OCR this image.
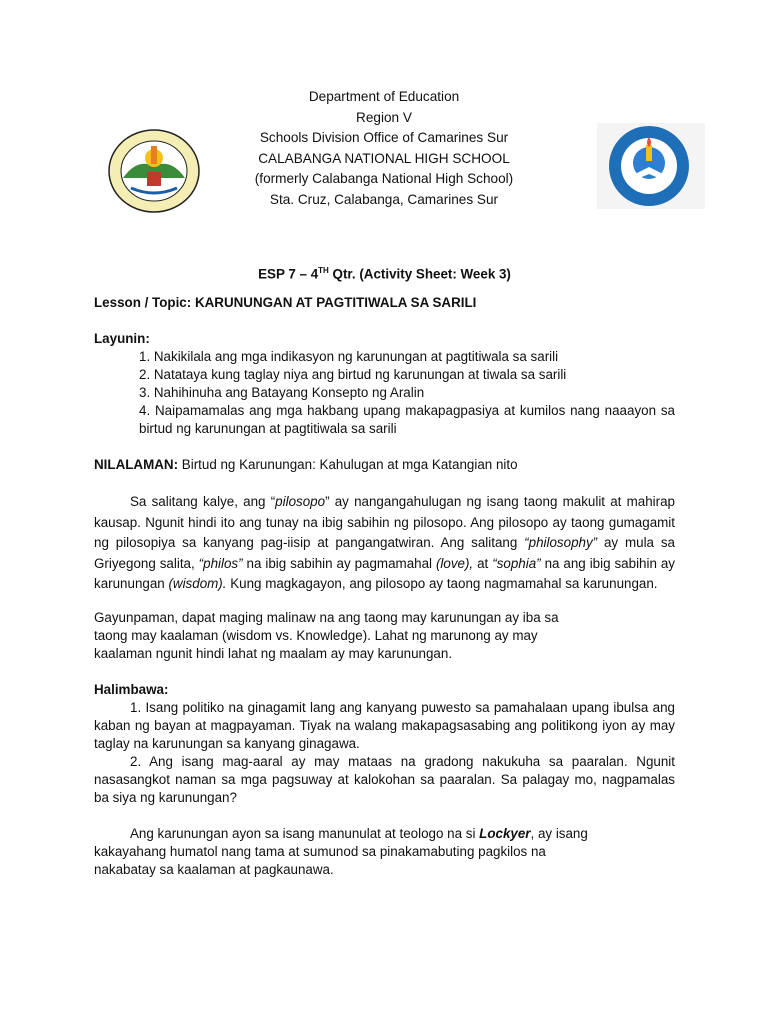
Department of Education
Region V
Schools Division Office of Camarines Sur
CALABANGA NATIONAL HIGH SCHOOL
(formerly Calabanga National High School)
Sta. Cruz, Calabanga, Camarines Sur

ESP 7 – 4TH Qtr. (Activity Sheet: Week 3)

Lesson / Topic: KARUNUNGAN AT PAGTITIWALA SA SARILI

Layunin:

1. Nakikilala ang mga indikasyon ng karunungan at pagtitiwala sa sarili

2. Natataya kung taglay niya ang birtud ng karunungan at tiwala sa sarili

3. Nahihinuha ang Batayang Konsepto ng Aralin

4. Naipamamalas ang mga hakbang upang makapagpasiya at kumilos nang naaayon sa birtud ng karunungan at pagtitiwala sa sarili

NILALAMAN: Birtud ng Karunungan: Kahulugan at mga Katangian nito

Sa salitang kalye, ang “pilosopo” ay nangangahulugan ng isang taong makulit at mahirap kausap. Ngunit hindi ito ang tunay na ibig sabihin ng pilosopo. Ang pilosopo ay taong gumagamit ng pilosopiya sa kanyang pag-iisip at pangangatwiran. Ang salitang “philosophy” ay mula sa Griyegong salita, “philos” na ibig sabihin ay pagmamahal (love), at “sophia” na ang ibig sabihin ay karunungan (wisdom). Kung magkagayon, ang pilosopo ay taong nagmamahal sa karunungan.

Gayunpaman, dapat maging malinaw na ang taong may karunungan ay iba sa

taong may kaalaman (wisdom vs. Knowledge). Lahat ng marunong ay may

kaalaman ngunit hindi lahat ng maalam ay may karunungan.

Halimbawa:

1. Isang politiko na ginagamit lang ang kanyang puwesto sa pamahalaan upang ibulsa ang kaban ng bayan at magpayaman. Tiyak na walang makapagsasabing ang politikong iyon ay may taglay na karunungan sa kanyang ginagawa.

2. Ang isang mag-aaral ay may mataas na gradong nakukuha sa paaralan. Ngunit nasasangkot naman sa mga pagsuway at kalokohan sa paaralan. Sa palagay mo, nagpamalas ba siya ng karunungan?

Ang karunungan ayon sa isang manunulat at teologo na si Lockyer, ay isang

kakayahang humatol nang tama at sumunod sa pinakamabuting pagkilos na

nakabatay sa kaalaman at pagkaunawa.
